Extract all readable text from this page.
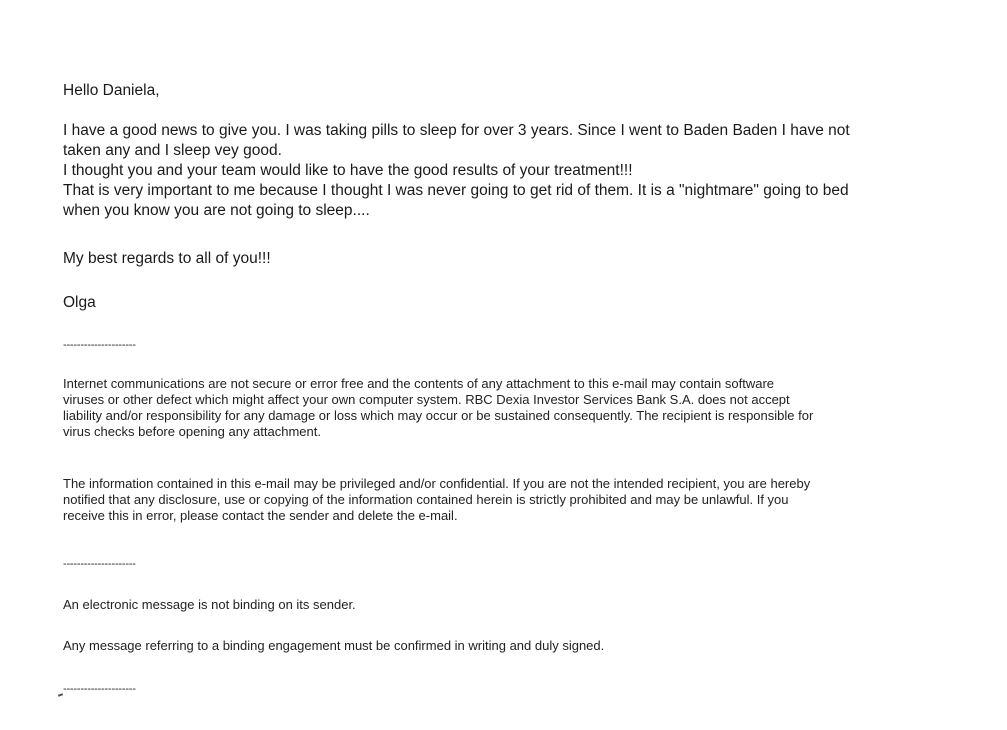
Hello Daniela,

I have a good news to give you. I was taking pills to sleep for over 3 years. Since I went to Baden Baden I have not
taken any and I sleep vey good.
I thought you and your team would like to have the good results of your treatment!!!
That is very important to me because I thought I was never going to get rid of them. It is a "nightmare" going to bed
when you know you are not going to sleep....

My best regards to all of you!!!

Olga

---------------------

Internet communications are not secure or error free and the contents of any attachment to this e-mail may contain software
viruses or other defect which might affect your own computer system. RBC Dexia Investor Services Bank S.A. does not accept
liability and/or responsibility for any damage or loss which may occur or be sustained consequently. The recipient is responsible for
virus checks before opening any attachment.
The information contained in this e-mail may be privileged and/or confidential. If you are not the intended recipient, you are hereby
notified that any disclosure, use or copying of the information contained herein is strictly prohibited and may be unlawful. If you
receive this in error, please contact the sender and delete the e-mail.

---------------------

An electronic message is not binding on its sender.

Any message referring to a binding engagement must be confirmed in writing and duly signed.

---------------------
